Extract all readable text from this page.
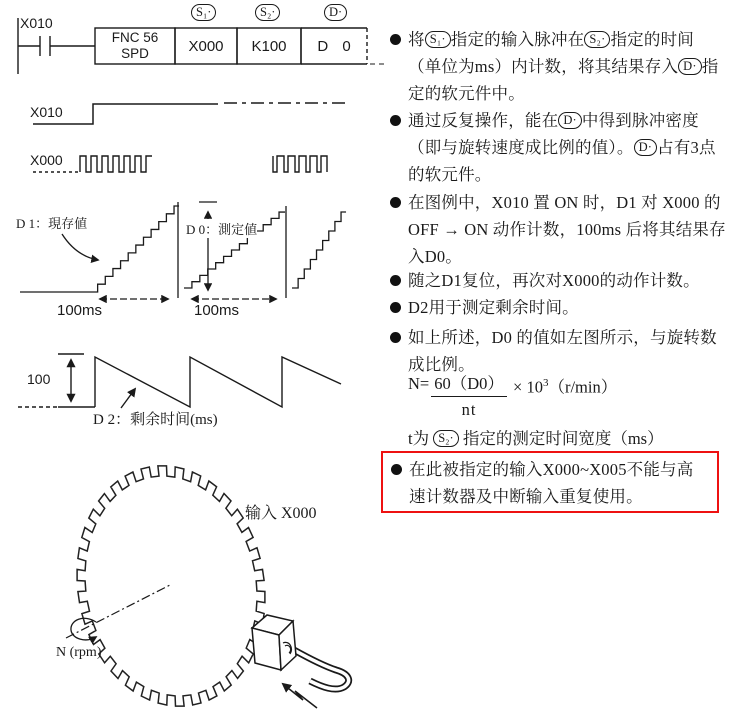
X010
FNC 56
SPD
S₁·	S₂·	D·
X000	K100	D 0
X010
X000
D 1：現存値	D 0：測定値
100ms	100ms
100
D 2：剩余时间(ms)
输入 X000
N (rpm)
将 S₁· 指定的输入脉冲在 S₂· 指定的时间（单位为ms）内计数，将其结果存入 D· 指定的软元件中。
通过反复操作，能在 D· 中得到脉冲密度（即与旋转速度成比例的值）。 D· 占有3点的软元件。
在图例中，X010 置 ON 时，D1 对 X000 的 OFF → ON 动作计数，100ms 后将其结果存入D0。
随之D1复位，再次对X000的动作计数。
D2用于测定剩余时间。
如上所述，D0 的值如左图所示，与旋转数成比例。
$N= \frac{60(D0)}{nt} \times 10^3(r/\min)$
t为 S₂· 指定的测定时间宽度（ms）
在此被指定的输入X000~X005不能与高速计数器及中断输入重复使用。
